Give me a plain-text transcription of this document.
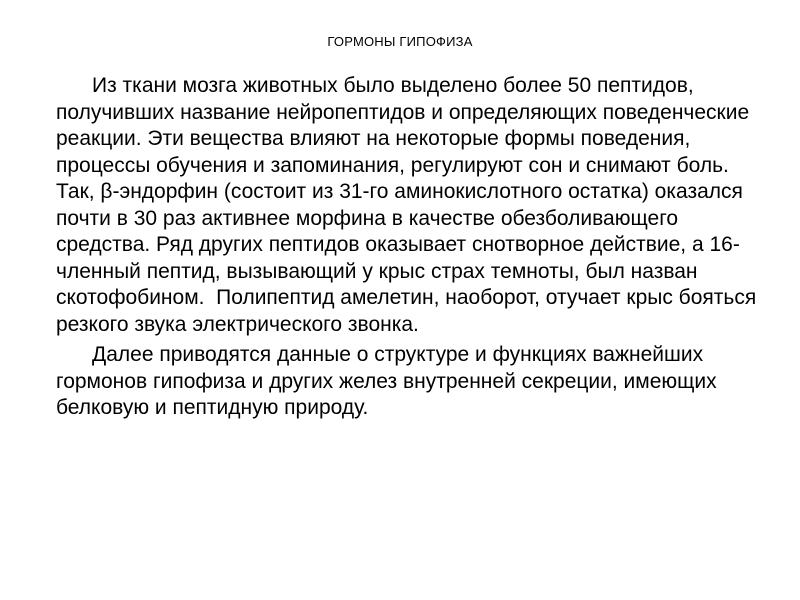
ГОРМОНЫ ГИПОФИЗА

Из ткани мозга животных было выделено более 50 пептидов, получивших название нейропептидов и определяющих поведенческие реакции. Эти вещества влияют на некоторые формы поведения, процессы обучения и запоминания, регулируют сон и снимают боль. Так, β-эндорфин (состоит из 31-го аминокислотного остатка) оказался почти в 30 раз активнее морфина в качестве обезболивающего средства. Ряд других пептидов оказывает снотворное действие, а 16-членный пептид, вызывающий у крыс страх темноты, был назван скотофобином.  Полипептид амелетин, наоборот, отучает крыс бояться резкого звука электрического звонка.

Далее приводятся данные о структуре и функциях важнейших гормонов гипофиза и других желез внутренней секреции, имеющих белковую и пептидную природу.
